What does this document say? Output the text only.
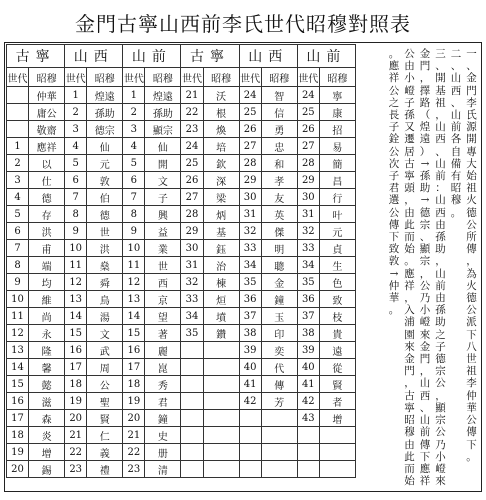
金門古寧山西前李氏世代昭穆對照表
古寧		山西		山前		古寧		山西		山前	
世代	昭穆	世代	昭穆	世代	昭穆	世代	昭穆	世代	昭穆	世代	昭穆
	仲華	1	煌遠	1	煌遠	21	沃	24	智	24	寧
	庸公	2	孫助	2	孫助	22	根	25	信	25	康
	敬齋	3	德宗	3	顯宗	23	煥	26	勇	26	招
1	應祥	4	仙	4	仙	24	培	27	忠	27	易
2	以	5	元	5	開	25	欽	28	和	28	簡
3	仕	6	敦	6	文	26	深	29	孝	29	昌
4	德	7	伯	7	子	27	梁	30	友	30	行
5	存	8	德	8	興	28	炳	31	英	31	叶
6	洪	9	世	9	益	29	基	32	傑	32	元
7	甫	10	洪	10	業	30	鈺	33	明	33	貞
8	端	11	燊	11	世	31	治	34	聰	34	生
9	均	12	舜	12	西	32	棟	35	金	35	色
10	維	13	鳥	13	京	33	烜	36	鐘	36	致
11	尚	14	湯	14	望	34	墳	37	玉	37	枝
12	永	15	文	15	著	35	鑽	38	印	38	貴
13	隆	16	武	16	麗			39	奕	39	遠
14	馨	17	周	17	崑			40	代	40	從
15	懿	18	公	18	秀			41	傳	41	賢
16	滋	19	聖	19	君			42	芳	42	者
17	森	20	賢	20	鐘					43	增
18	炎	21	仁	21	史						
19	增	22	義	22	册						
20	錫	23	禮	23	清						
一
、
金
門
李
氏
源
開
專
大
始
祖
火
德
公
所
傳
，
為
火
德
公
派
下
八
世
祖
李
仲
華
公
傳
下
。
二
、
山
西
、
山
前
各
自
備
有
昭
穆
。
三
、
開
基
祖
，
山
西
、
山
前
：
山
西
由
孫
助
，
山
前
由
孫
助
之
子
德
宗
公
，
顯
宗
公
乃
小
嶝
來
金
門
，
擇
路
（
煌
遠
）
→
孫
助
→
德
宗
、
顯
宗
，
公
乃
小
嶝
來
金
門
，
山
西
、
山
前
傳
下
應
祥
公
由
小
嶝
子
孫
又
遷
居
古
寧
頭
，
由
此
而
始
。
應
祥
，
入
浦
園
來
金
門
，
古
寧
昭
穆
由
此
而
始
。
應
祥
公
之
長
子
銓
公
次
子
君
選
公
傳
下
致
敦
→
仲
華
。
